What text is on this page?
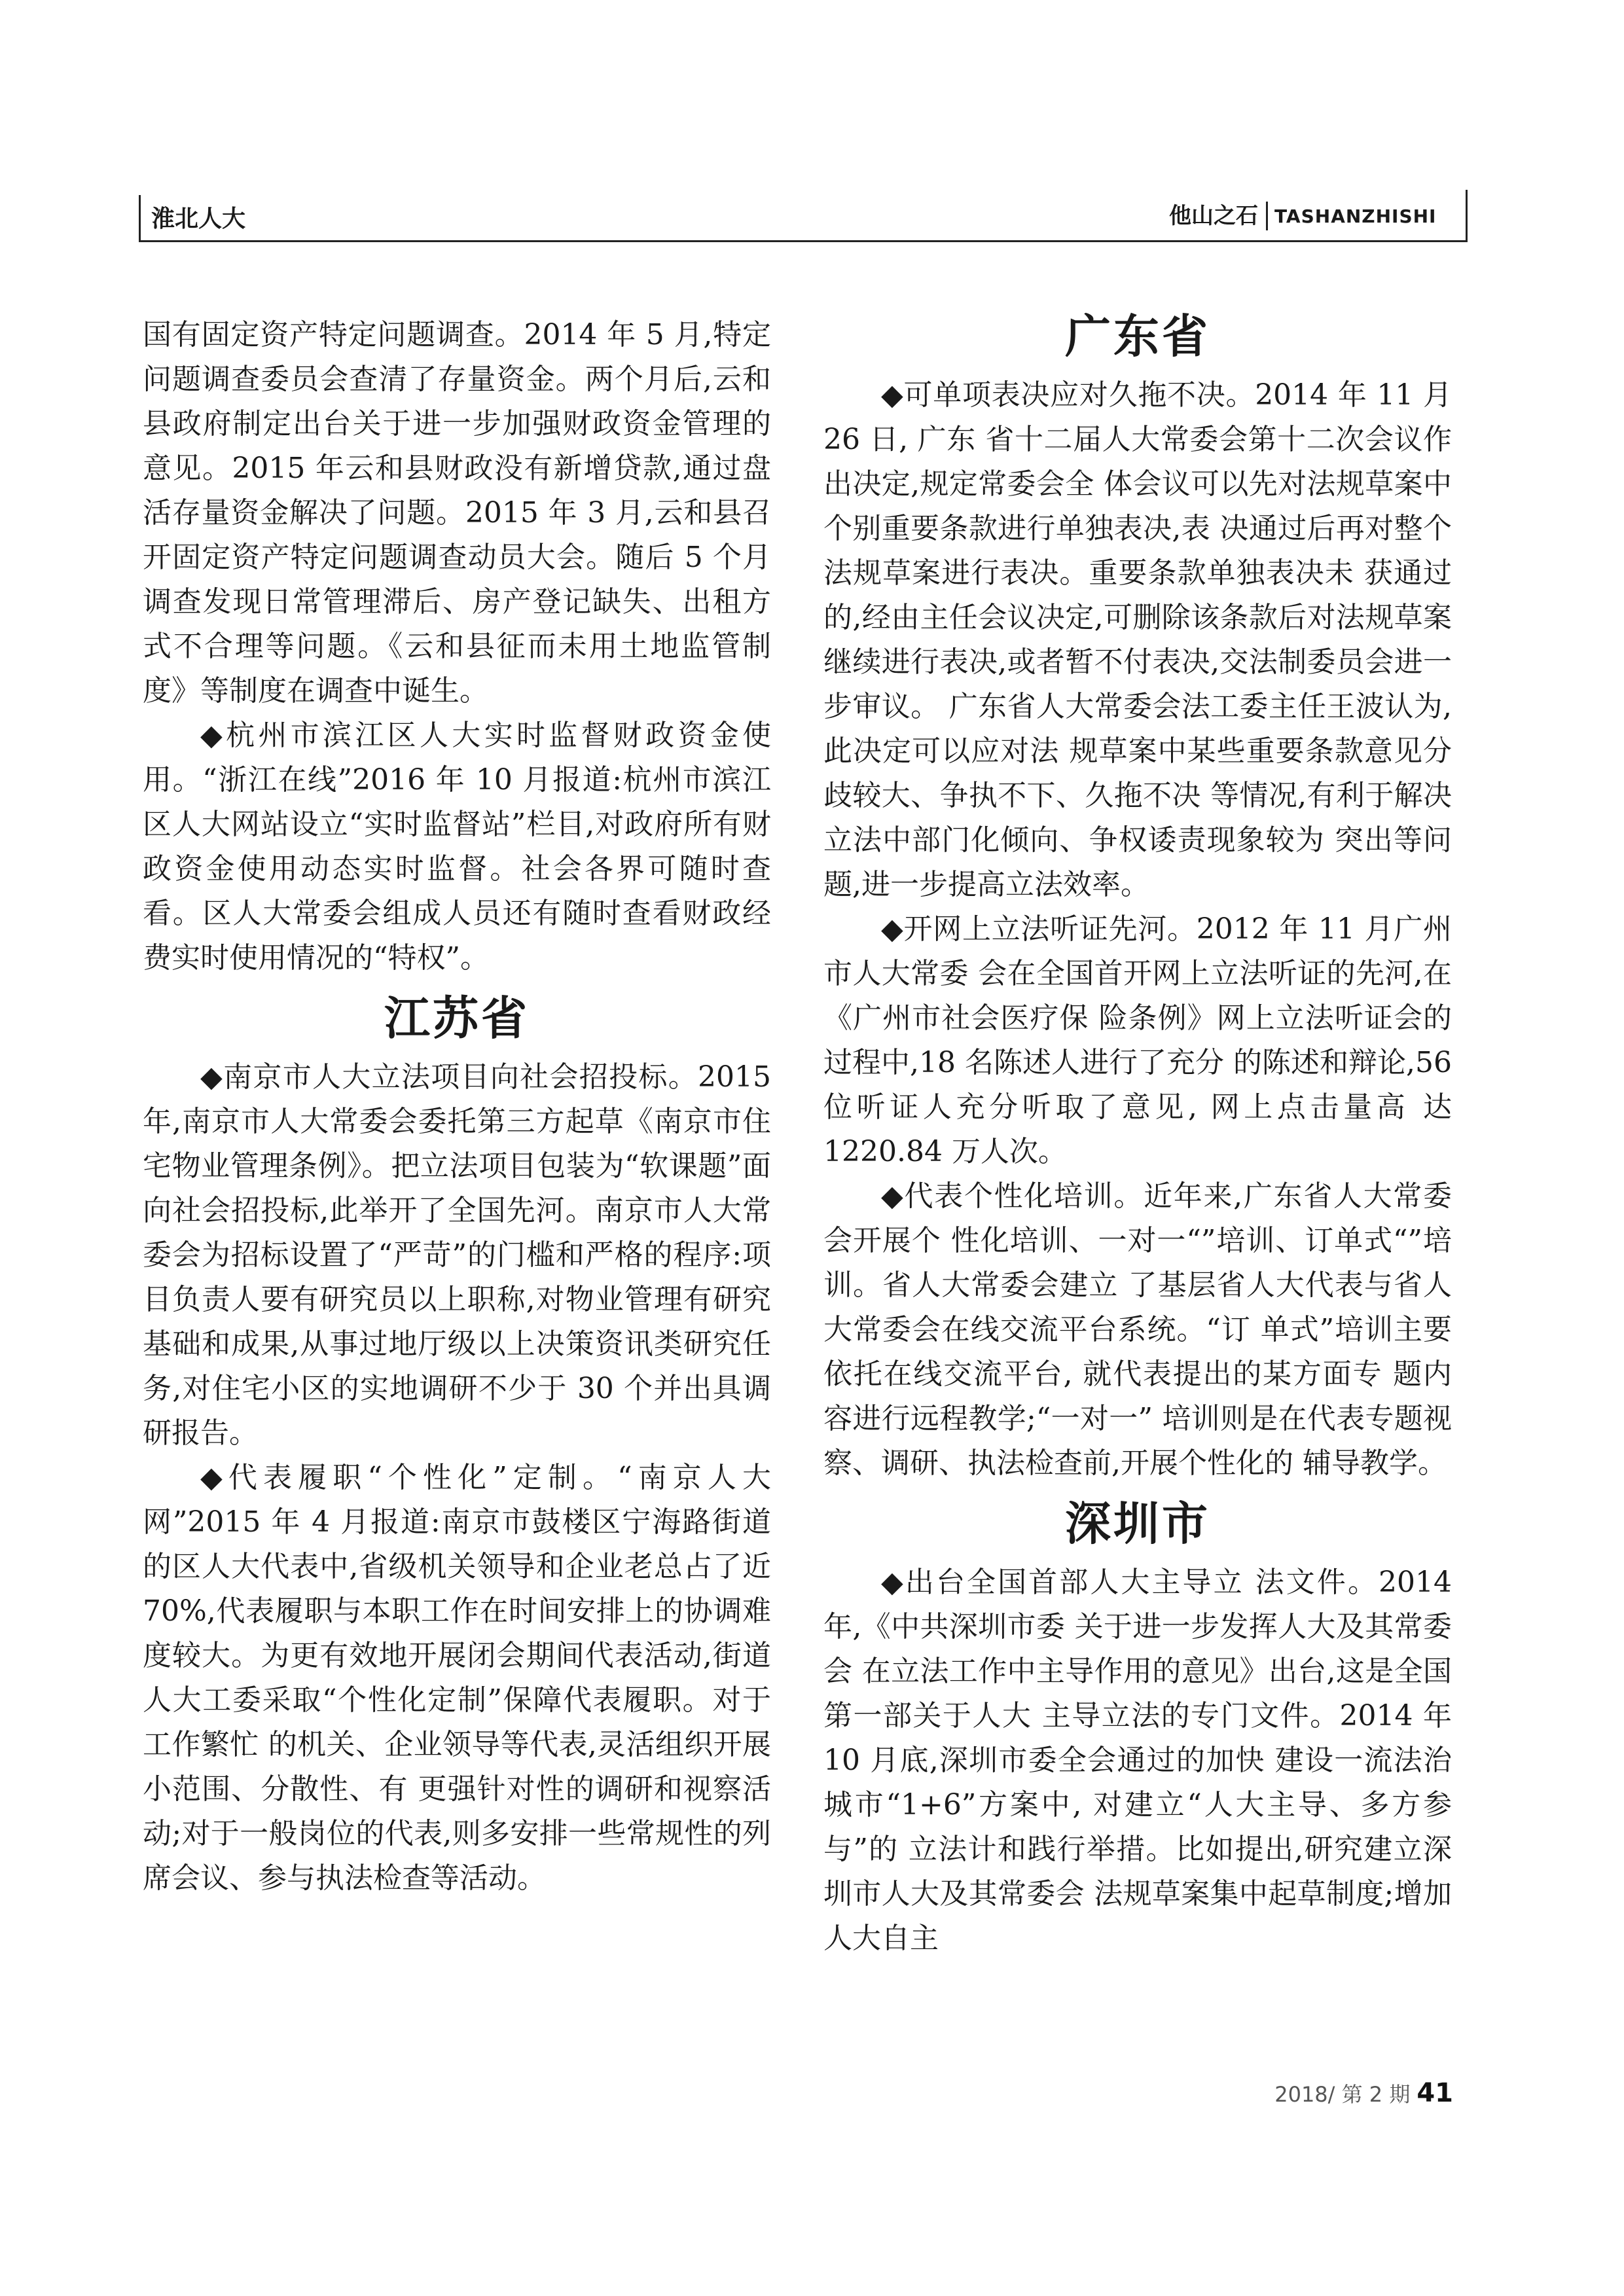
淮北人大	他山之石 TASHANZHISHI

国有固定资产特定问题调查。2014 年 5 月,特定问题调查委员会查清了存量资金。两个月后,云和县政府制定出台关于进一步加强财政资金管理的意见。2015 年云和县财政没有新增贷款,通过盘活存量资金解决了问题。2015 年 3 月,云和县召开固定资产特定问题调查动员大会。随后 5 个月调查发现日常管理滞后、房产登记缺失、出租方式不合理等问题。《云和县征而未用土地监管制度》等制度在调查中诞生。

◆杭州市滨江区人大实时监督财政资金使用。“浙江在线”2016 年 10 月报道:杭州市滨江区人大网站设立“实时监督站”栏目,对政府所有财政资金使用动态实时监督。社会各界可随时查看。区人大常委会组成人员还有随时查看财政经费实时使用情况的“特权”。

江苏省

◆南京市人大立法项目向社会招投标。2015 年,南京市人大常委会委托第三方起草《南京市住宅物业管理条例》。把立法项目包装为“软课题”面向社会招投标,此举开了全国先河。南京市人大常委会为招标设置了“严苛”的门槛和严格的程序:项目负责人要有研究员以上职称,对物业管理有研究基础和成果,从事过地厅级以上决策资讯类研究任务,对住宅小区的实地调研不少于 30 个并出具调研报告。

◆代表履职“个性化”定制。“南京人大网”2015 年 4 月报道:南京市鼓楼区宁海路街道的区人大代表中,省级机关领导和企业老总占了近 70%,代表履职与本职工作在时间安排上的协调难度较大。为更有效地开展闭会期间代表活动,街道人大工委采取“个性化定制”保障代表履职。对于工作繁忙 的机关、企业领导等代表,灵活组织开展小范围、分散性、有 更强针对性的调研和视察活动;对于一般岗位的代表,则多安排一些常规性的列席会议、参与执法检查等活动。

广东省

◆可单项表决应对久拖不决。2014 年 11 月 26 日, 广东 省十二届人大常委会第十二次会议作出决定,规定常委会全 体会议可以先对法规草案中个别重要条款进行单独表决,表 决通过后再对整个法规草案进行表决。重要条款单独表决未 获通过的,经由主任会议决定,可删除该条款后对法规草案 继续进行表决,或者暂不付表决,交法制委员会进一步审议。 广东省人大常委会法工委主任王波认为,此决定可以应对法 规草案中某些重要条款意见分歧较大、争执不下、久拖不决 等情况,有利于解决立法中部门化倾向、争权诿责现象较为 突出等问题,进一步提高立法效率。

◆开网上立法听证先河。2012 年 11 月广州市人大常委 会在全国首开网上立法听证的先河,在《广州市社会医疗保 险条例》网上立法听证会的过程中,18 名陈述人进行了充分 的陈述和辩论,56 位听证人充分听取了意见, 网上点击量高 达 1220.84 万人次。

◆代表个性化培训。近年来,广东省人大常委会开展个 性化培训、一对一“”培训、订单式“”培训。省人大常委会建立 了基层省人大代表与省人大常委会在线交流平台系统。“订 单式”培训主要依托在线交流平台, 就代表提出的某方面专 题内容进行远程教学;“一对一” 培训则是在代表专题视察、调研、执法检查前,开展个性化的 辅导教学。

深圳市

◆出台全国首部人大主导立 法文件。2014 年,《中共深圳市委 关于进一步发挥人大及其常委会 在立法工作中主导作用的意见》出台,这是全国第一部关于人大 主导立法的专门文件。2014 年 10 月底,深圳市委全会通过的加快 建设一流法治城市“1+6”方案中, 对建立“人大主导、多方参与”的 立法计和践行举措。比如提出,研究建立深圳市人大及其常委会 法规草案集中起草制度;增加人大自主

2018/ 第 2 期 41
